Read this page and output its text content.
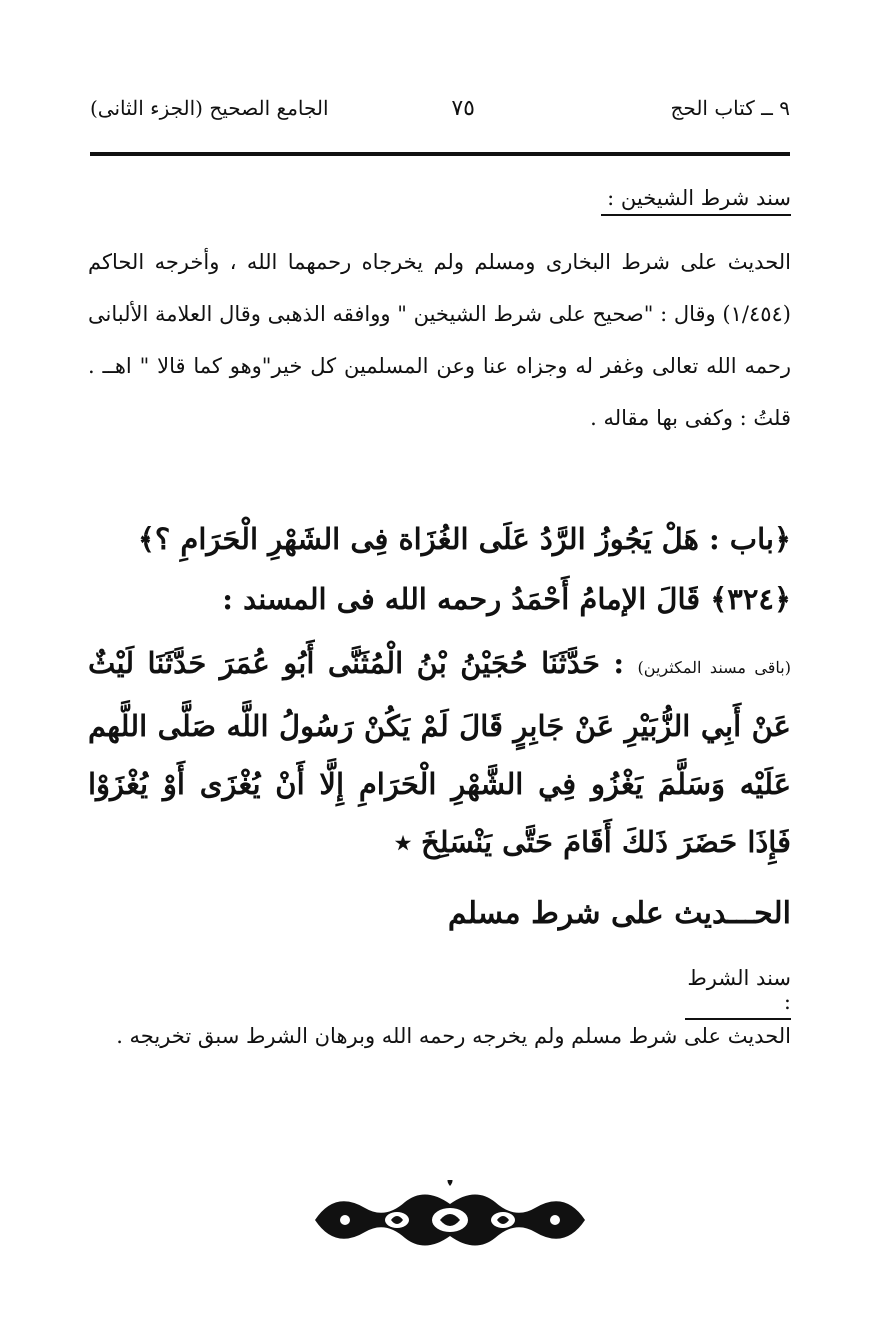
٩ ــ كتاب الحج
٧٥
الجامع الصحيح (الجزء الثانى)
سند شرط الشيخين :
الحديث على شرط البخارى ومسلم ولم يخرجاه رحمهما الله ، وأخرجه الحاكم (١/٤٥٤) وقال : "صحيح على شرط الشيخين " ووافقه الذهبى وقال العلامة الألبانى رحمه الله تعالى وغفر له وجزاه عنا وعن المسلمين كل خير"وهو كما قالا " اهــ . قلتُ : وكفى بها مقاله .
﴿باب : هَلْ يَجُوزُ الرَّدُ عَلَى الغُزَاة فِى الشَهْرِ الْحَرَامِ ؟﴾
﴿٣٢٤﴾ قَالَ الإمامُ أَحْمَدُ رحمه الله فى المسند :
(باقى مسند المكثرين) : حَدَّثَنَا حُجَيْنُ بْنُ الْمُثَنَّى أَبُو عُمَرَ حَدَّثَنَا لَيْثٌ عَنْ أَبِي الزُّبَيْرِ عَنْ جَابِرٍ قَالَ لَمْ يَكُنْ رَسُولُ اللَّه صَلَّى اللَّهم عَلَيْه وَسَلَّمَ يَغْزُو فِي الشَّهْرِ الْحَرَامِ إِلَّا أَنْ يُغْزَى أَوْ يُغْزَوْا فَإِذَا حَضَرَ ذَلكَ أَقَامَ حَتَّى يَنْسَلِخَ ٭
الحـــديث على شرط مسلم
سند الشرط :
الحديث على شرط مسلم ولم يخرجه رحمه الله وبرهان الشرط سبق تخريجه .
